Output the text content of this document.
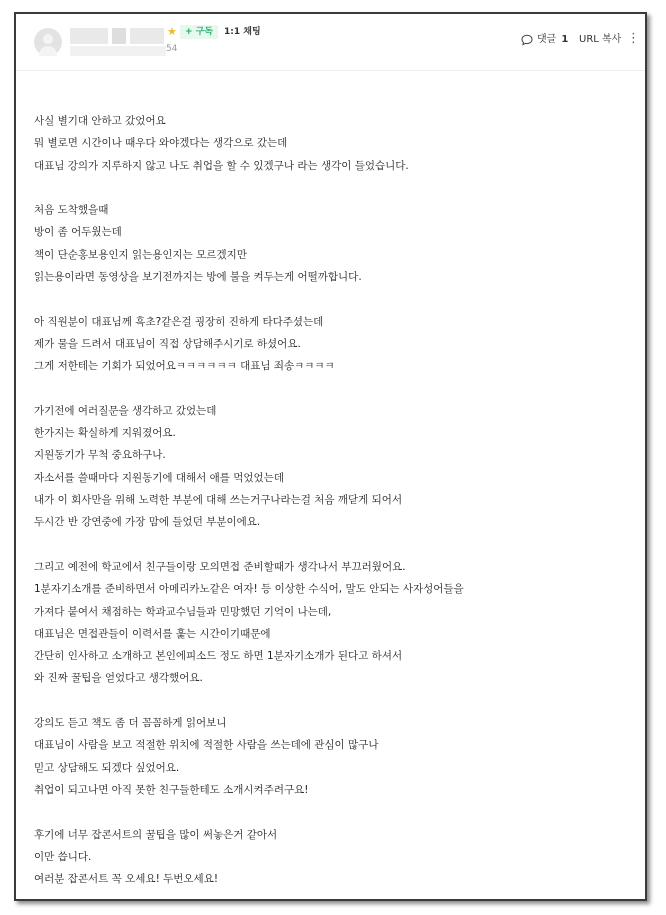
54
★ + 구독	1:1 채팅
댓글 1 URL 복사 ⋮

사실 별기대 안하고 갔었어요

뭐 별로면 시간이나 때우다 와야겠다는 생각으로 갔는데

대표님 강의가 지루하지 않고 나도 취업을 할 수 있겠구나 라는 생각이 들었습니다.

처음 도착했을때

방이 좀 어두웠는데

책이 단순홍보용인지 읽는용인지는 모르겠지만

읽는용이라면 동영상을 보기전까지는 방에 불을 켜두는게 어떨까합니다.

아 직원분이 대표님께 흑초?같은걸 굉장히 진하게 타다주셨는데

제가 물을 드려서 대표님이 직접 상담해주시기로 하셨어요.

그게 저한테는 기회가 되었어요ㅋㅋㅋㅋㅋㅋ 대표님 죄송ㅋㅋㅋㅋ

가기전에 여러질문을 생각하고 갔었는데

한가지는 확실하게 지워졌어요.

지원동기가 무척 중요하구나.

자소서를 쓸때마다 지원동기에 대해서 애를 먹었었는데

내가 이 회사만을 위해 노력한 부분에 대해 쓰는거구나라는걸 처음 깨닫게 되어서

두시간 반 강연중에 가장 맘에 들었던 부분이에요.

그리고 예전에 학교에서 친구들이랑 모의면접 준비할때가 생각나서 부끄러웠어요.

1분자기소개를 준비하면서 아메리카노같은 여자! 등 이상한 수식어, 말도 안되는 사자성어들을

가져다 붙여서 채점하는 학과교수님들과 민망했던 기억이 나는데,

대표님은 면접관들이 이력서를 훑는 시간이기때문에

간단히 인사하고 소개하고 본인에피소드 정도 하면 1분자기소개가 된다고 하셔서

와 진짜 꿀팁을 얻었다고 생각했어요.

강의도 듣고 책도 좀 더 꼼꼼하게 읽어보니

대표님이 사람을 보고 적절한 위치에 적절한 사람을 쓰는데에 관심이 많구나

믿고 상담해도 되겠다 싶었어요.

취업이 되고나면 아직 못한 친구들한테도 소개시켜주려구요!

후기에 너무 잡콘서트의 꿀팁을 많이 써놓은거 같아서

이만 씁니다.

여러분 잡콘서트 꼭 오세요! 두번오세요!
